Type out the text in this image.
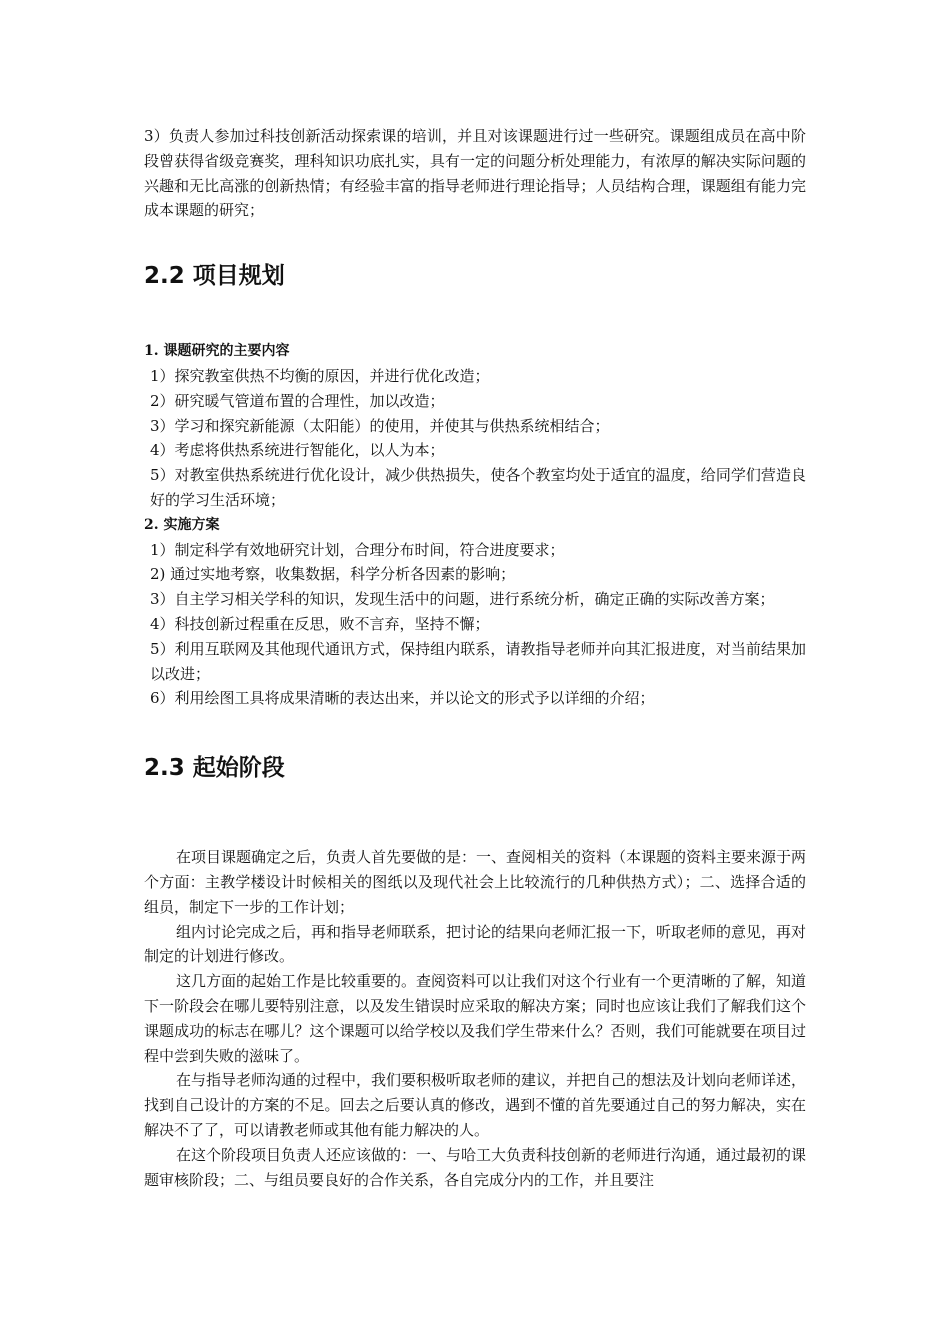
3）负责人参加过科技创新活动探索课的培训，并且对该课题进行过一些研究。课题组成员在高中阶段曾获得省级竞赛奖，理科知识功底扎实，具有一定的问题分析处理能力，有浓厚的解决实际问题的兴趣和无比高涨的创新热情；有经验丰富的指导老师进行理论指导；人员结构合理，课题组有能力完成本课题的研究；

2.2 项目规划

1. 课题研究的主要内容

1）探究教室供热不均衡的原因，并进行优化改造；

2）研究暖气管道布置的合理性，加以改造；

3）学习和探究新能源（太阳能）的使用，并使其与供热系统相结合；

4）考虑将供热系统进行智能化，以人为本；

5）对教室供热系统进行优化设计，减少供热损失，使各个教室均处于适宜的温度，给同学们营造良好的学习生活环境；

2. 实施方案

1）制定科学有效地研究计划，合理分布时间，符合进度要求；

2) 通过实地考察，收集数据，科学分析各因素的影响；

3）自主学习相关学科的知识，发现生活中的问题，进行系统分析，确定正确的实际改善方案；

4）科技创新过程重在反思，败不言弃，坚持不懈；

5）利用互联网及其他现代通讯方式，保持组内联系，请教指导老师并向其汇报进度，对当前结果加以改进；

6）利用绘图工具将成果清晰的表达出来，并以论文的形式予以详细的介绍；

2.3 起始阶段

在项目课题确定之后，负责人首先要做的是：一、查阅相关的资料（本课题的资料主要来源于两个方面：主教学楼设计时候相关的图纸以及现代社会上比较流行的几种供热方式）；二、选择合适的组员，制定下一步的工作计划；

组内讨论完成之后，再和指导老师联系，把讨论的结果向老师汇报一下，听取老师的意见，再对制定的计划进行修改。

这几方面的起始工作是比较重要的。查阅资料可以让我们对这个行业有一个更清晰的了解，知道下一阶段会在哪儿要特别注意，以及发生错误时应采取的解决方案；同时也应该让我们了解我们这个课题成功的标志在哪儿？这个课题可以给学校以及我们学生带来什么？否则，我们可能就要在项目过程中尝到失败的滋味了。

在与指导老师沟通的过程中，我们要积极听取老师的建议，并把自己的想法及计划向老师详述，找到自己设计的方案的不足。回去之后要认真的修改，遇到不懂的首先要通过自己的努力解决，实在解决不了了，可以请教老师或其他有能力解决的人。

在这个阶段项目负责人还应该做的：一、与哈工大负责科技创新的老师进行沟通，通过最初的课题审核阶段；二、与组员要良好的合作关系，各自完成分内的工作，并且要注
